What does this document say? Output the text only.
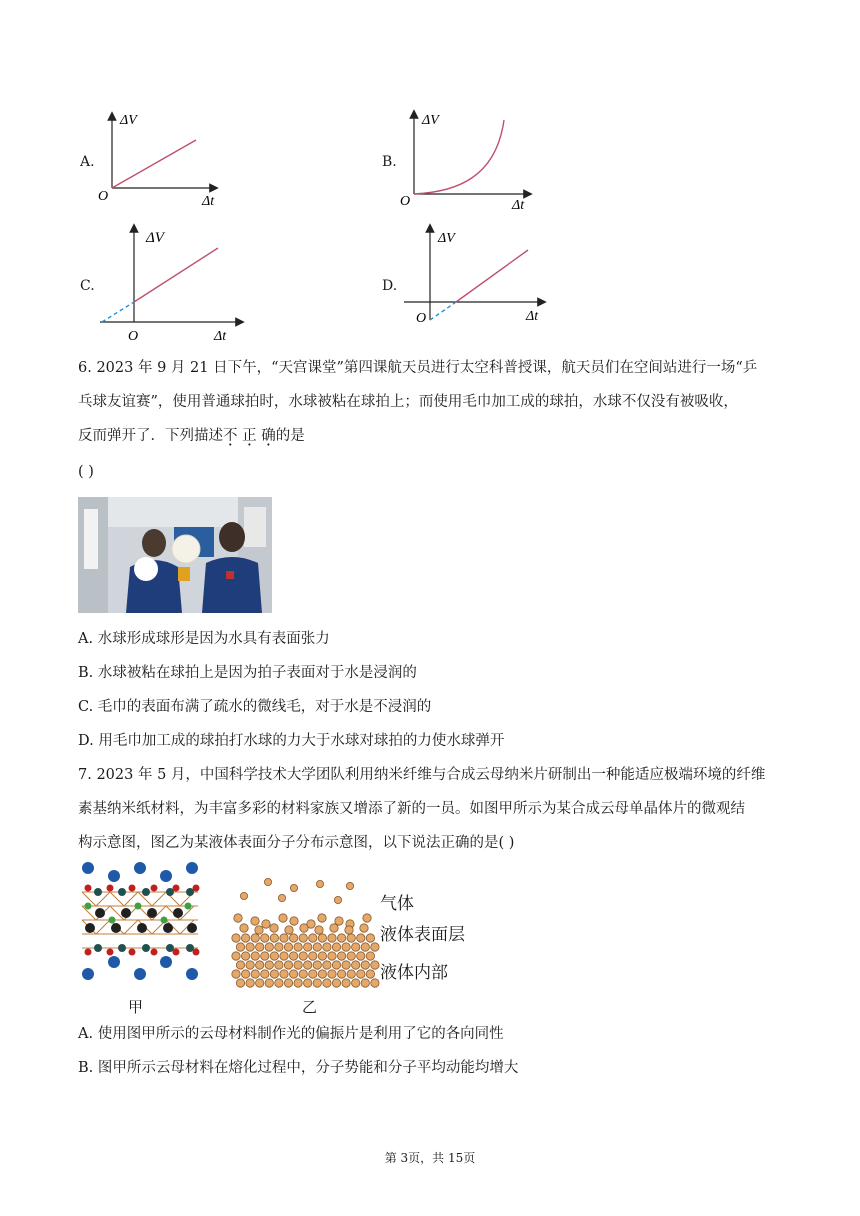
A.
ΔV
O	Δt
B.
ΔV
O	Δt
C.
ΔV
O	Δt
D.
ΔV
O	Δt
6. 2023 年 9 月 21 日下午，“天宫课堂”第四课航天员进行太空科普授课，航天员们在空间站进行一场“乒
乓球友谊赛”，使用普通球拍时，水球被粘在球拍上；而使用毛巾加工成的球拍，水球不仅没有被吸收，
反而弹开了．下列描述不 正 确的是
( )
A. 水球形成球形是因为水具有表面张力
B. 水球被粘在球拍上是因为拍子表面对于水是浸润的
C. 毛巾的表面布满了疏水的微线毛，对于水是不浸润的
D. 用毛巾加工成的球拍打水球的力大于水球对球拍的力使水球弹开
7. 2023 年 5 月，中国科学技术大学团队利用纳米纤维与合成云母纳米片研制出一种能适应极端环境的纤维
素基纳米纸材料，为丰富多彩的材料家族又增添了新的一员。如图甲所示为某合成云母单晶体片的微观结
构示意图，图乙为某液体表面分子分布示意图，以下说法正确的是( )
甲	乙
气体
液体表面层
液体内部
A. 使用图甲所示的云母材料制作光的偏振片是利用了它的各向同性
B. 图甲所示云母材料在熔化过程中，分子势能和分子平均动能均增大
第 3页，共 15页
